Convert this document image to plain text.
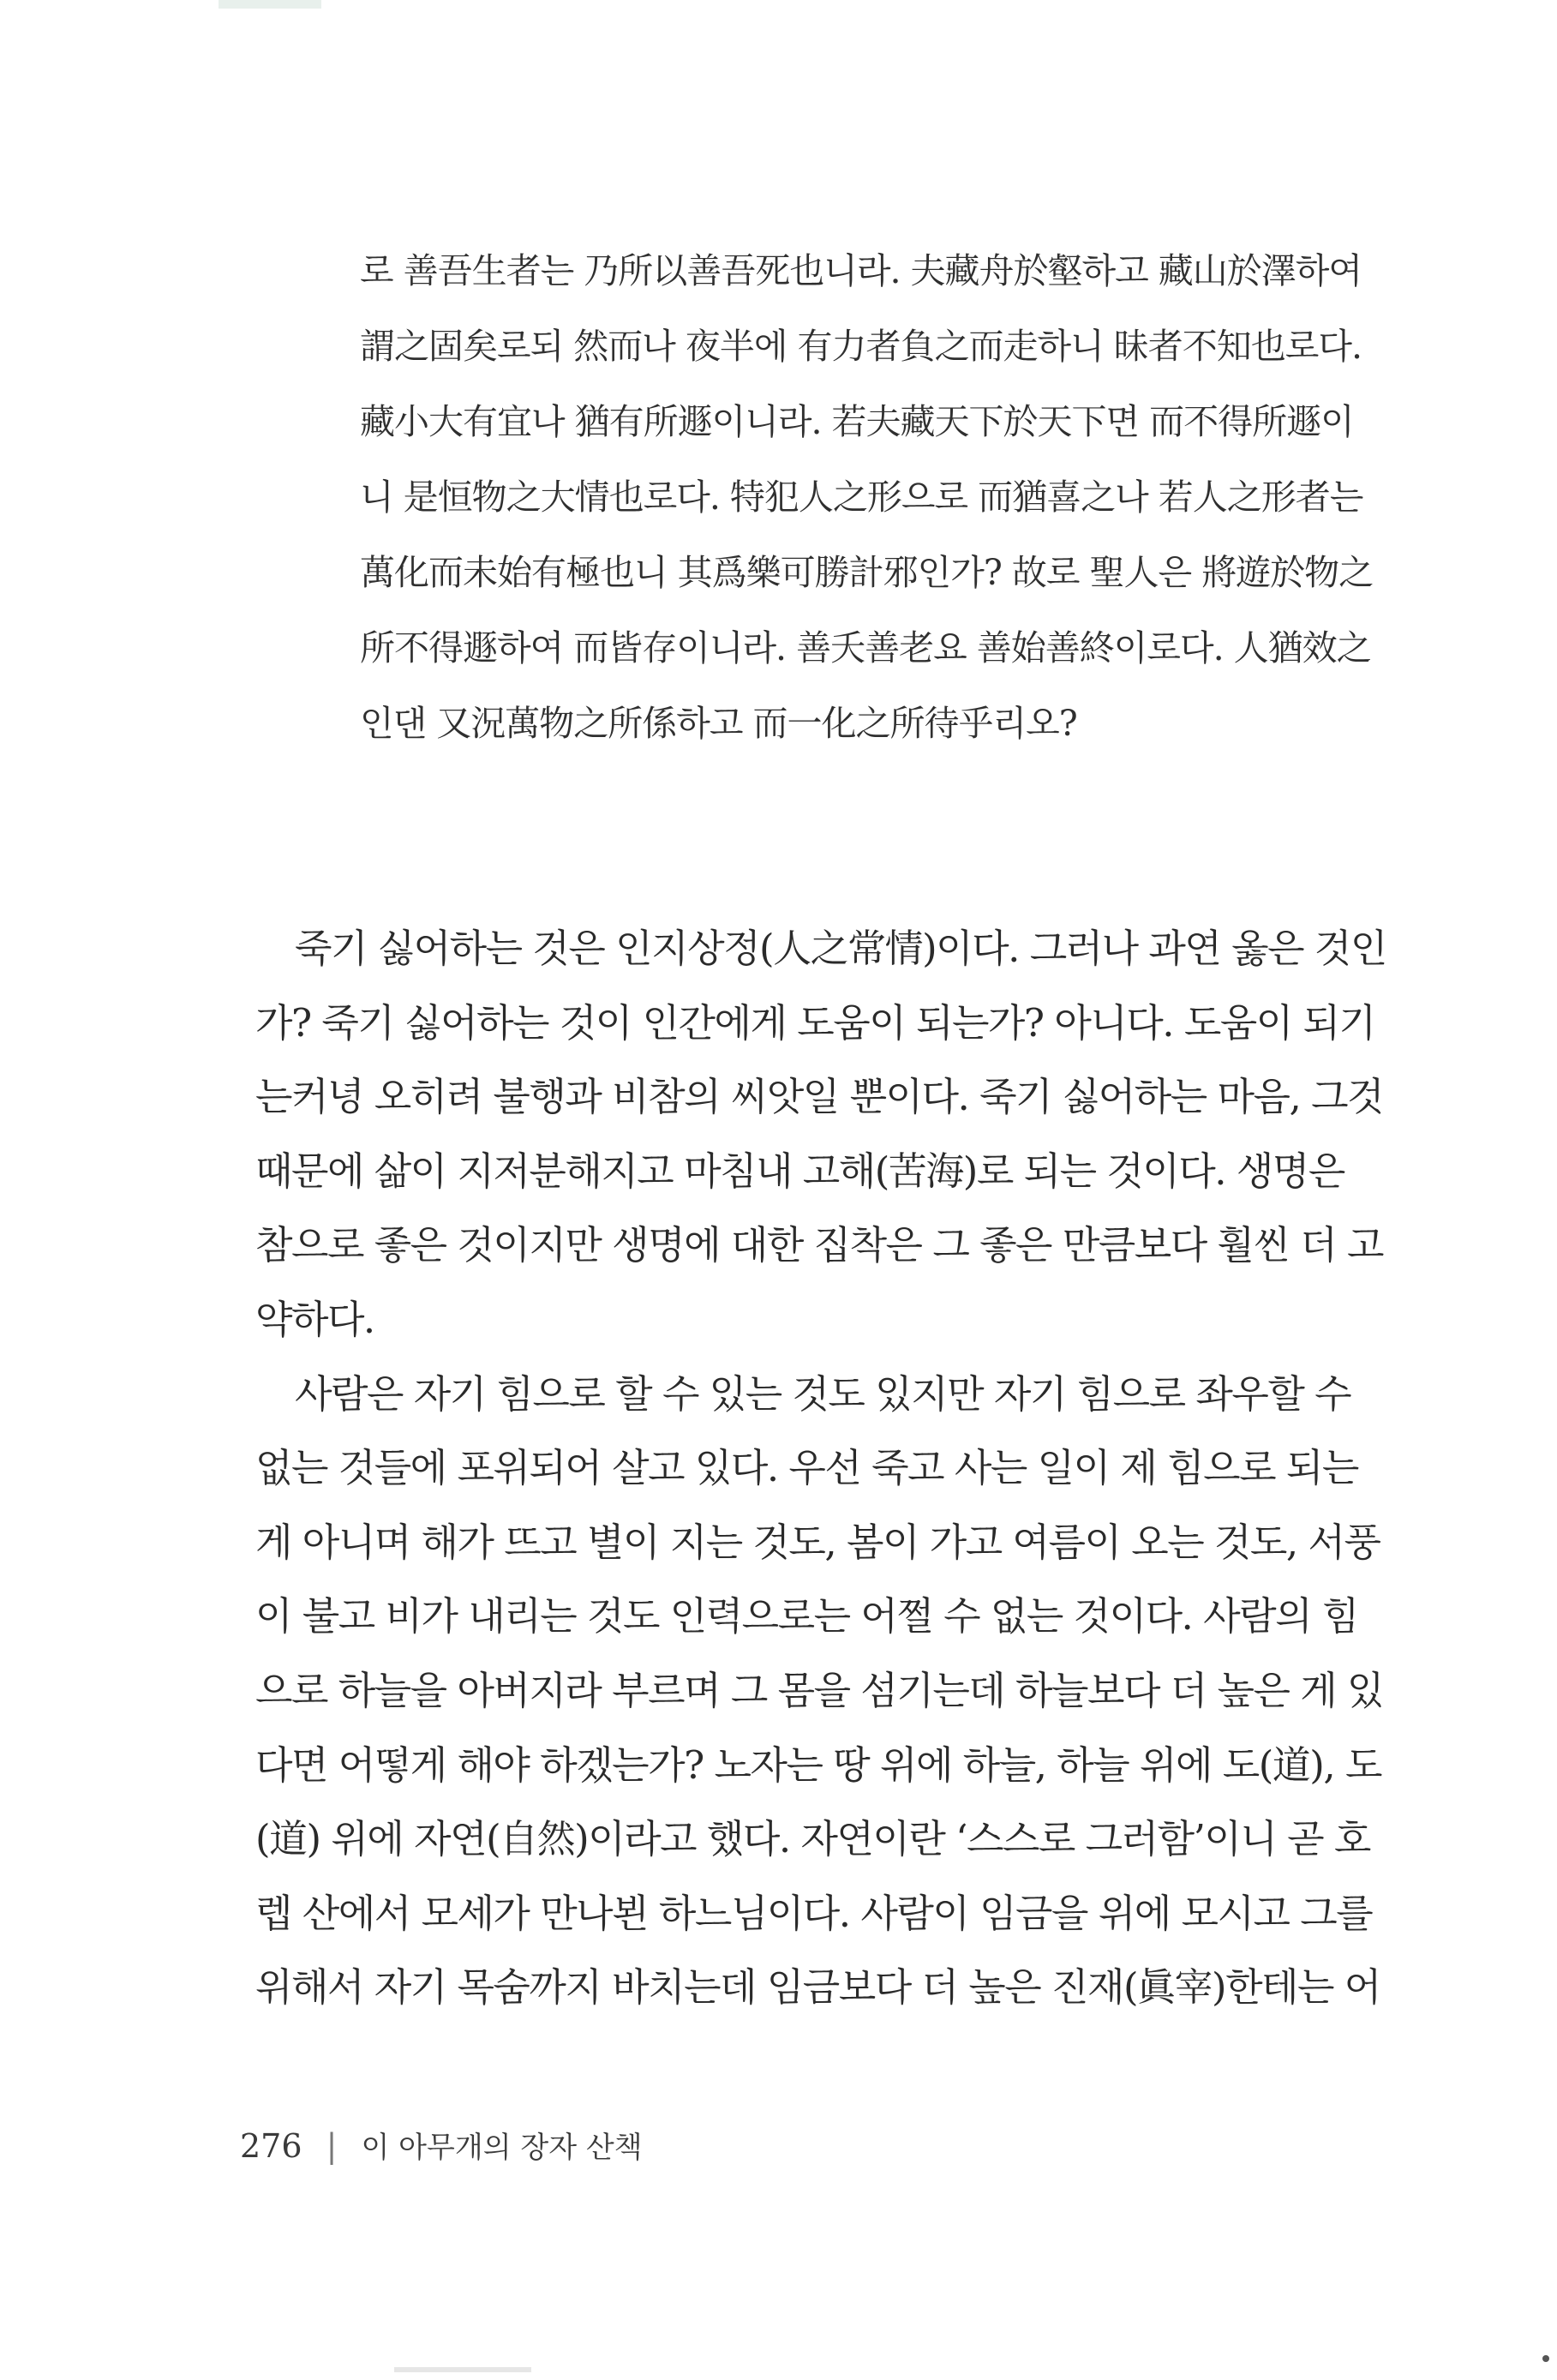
로 善吾生者는 乃所以善吾死也니라. 夫藏舟於壑하고 藏山於澤하여
謂之固矣로되 然而나 夜半에 有力者負之而走하니 昧者不知也로다.
藏小大有宜나 猶有所遯이니라. 若夫藏天下於天下면 而不得所遯이
니 是恒物之大情也로다. 特犯人之形으로 而猶喜之나 若人之形者는
萬化而未始有極也니 其爲樂可勝計邪인가? 故로 聖人은 將遊於物之
所不得遯하여 而皆存이니라. 善夭善老요 善始善終이로다. 人猶效之
인댄 又況萬物之所係하고 而一化之所待乎리오?
죽기 싫어하는 것은 인지상정(人之常情)이다. 그러나 과연 옳은 것인
가? 죽기 싫어하는 것이 인간에게 도움이 되는가? 아니다. 도움이 되기
는커녕 오히려 불행과 비참의 씨앗일 뿐이다. 죽기 싫어하는 마음, 그것
때문에 삶이 지저분해지고 마침내 고해(苦海)로 되는 것이다. 생명은
참으로 좋은 것이지만 생명에 대한 집착은 그 좋은 만큼보다 훨씬 더 고
약하다.
사람은 자기 힘으로 할 수 있는 것도 있지만 자기 힘으로 좌우할 수
없는 것들에 포위되어 살고 있다. 우선 죽고 사는 일이 제 힘으로 되는
게 아니며 해가 뜨고 별이 지는 것도, 봄이 가고 여름이 오는 것도, 서풍
이 불고 비가 내리는 것도 인력으로는 어쩔 수 없는 것이다. 사람의 힘
으로 하늘을 아버지라 부르며 그 몸을 섬기는데 하늘보다 더 높은 게 있
다면 어떻게 해야 하겠는가? 노자는 땅 위에 하늘, 하늘 위에 도(道), 도
(道) 위에 자연(自然)이라고 했다. 자연이란 ‘스스로 그러함’이니 곧 호
렙 산에서 모세가 만나뵌 하느님이다. 사람이 임금을 위에 모시고 그를
위해서 자기 목숨까지 바치는데 임금보다 더 높은 진재(眞宰)한테는 어
276 | 이 아무개의 장자 산책
